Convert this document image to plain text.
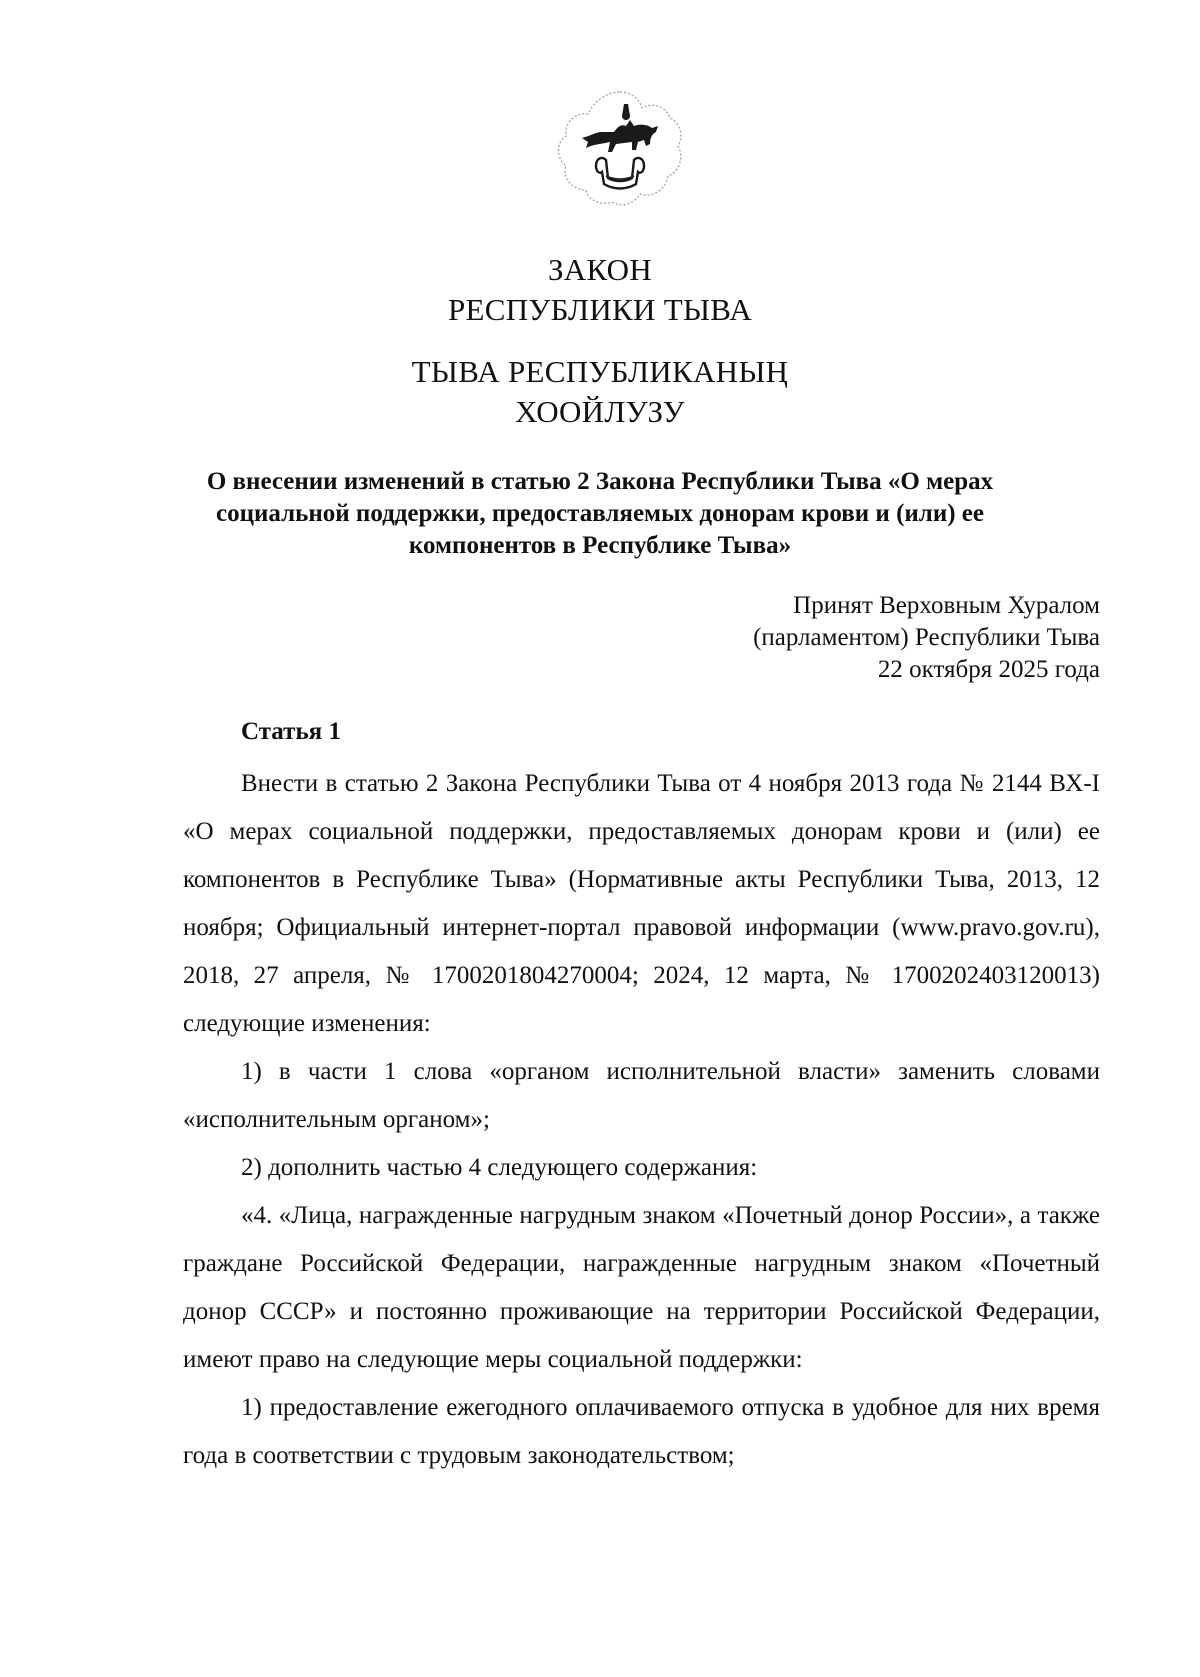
ЗАКОН
РЕСПУБЛИКИ ТЫВА
ТЫВА РЕСПУБЛИКАНЫҢ
ХООЙЛУЗУ
О внесении изменений в статью 2 Закона Республики Тыва «О мерах социальной поддержки, предоставляемых донорам крови и (или) ее компонентов в Республике Тыва»
Принят Верховным Хуралом
(парламентом) Республики Тыва
22 октября 2025 года
Статья 1

Внести в статью 2 Закона Республики Тыва от 4 ноября 2013 года № 2144 ВХ-I «О мерах социальной поддержки, предоставляемых донорам крови и (или) ее компонентов в Республике Тыва» (Нормативные акты Республики Тыва, 2013, 12 ноября; Официальный интернет-портал правовой информации (www.pravo.gov.ru), 2018, 27 апреля, № 1700201804270004; 2024, 12 марта, № 1700202403120013) следующие изменения:

1) в части 1 слова «органом исполнительной власти» заменить словами «исполнительным органом»;

2) дополнить частью 4 следующего содержания:

«4. «Лица, награжденные нагрудным знаком «Почетный донор России», а также граждане Российской Федерации, награжденные нагрудным знаком «Почетный донор СССР» и постоянно проживающие на территории Российской Федерации, имеют право на следующие меры социальной поддержки:

1) предоставление ежегодного оплачиваемого отпуска в удобное для них время года в соответствии с трудовым законодательством;
